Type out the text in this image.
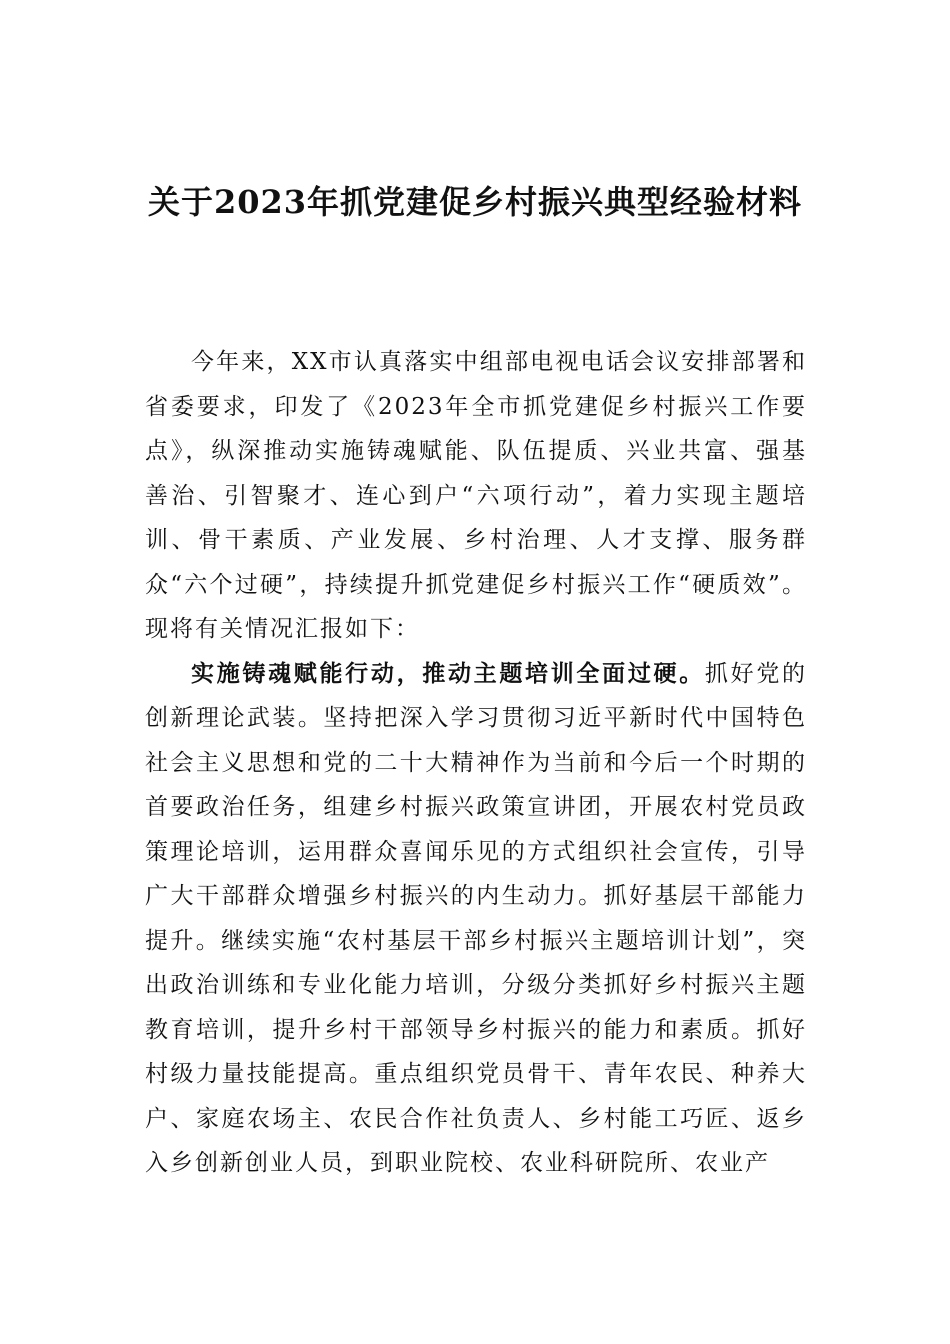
关于2023年抓党建促乡村振兴典型经验材料

今年来，XX市认真落实中组部电视电话会议安排部署和省委要求，印发了《2023年全市抓党建促乡村振兴工作要点》，纵深推动实施铸魂赋能、队伍提质、兴业共富、强基善治、引智聚才、连心到户“六项行动”，着力实现主题培训、骨干素质、产业发展、乡村治理、人才支撑、服务群众“六个过硬”，持续提升抓党建促乡村振兴工作“硬质效”。现将有关情况汇报如下：

实施铸魂赋能行动，推动主题培训全面过硬。抓好党的创新理论武装。坚持把深入学习贯彻习近平新时代中国特色社会主义思想和党的二十大精神作为当前和今后一个时期的首要政治任务，组建乡村振兴政策宣讲团，开展农村党员政策理论培训，运用群众喜闻乐见的方式组织社会宣传，引导广大干部群众增强乡村振兴的内生动力。抓好基层干部能力提升。继续实施“农村基层干部乡村振兴主题培训计划”，突出政治训练和专业化能力培训，分级分类抓好乡村振兴主题教育培训，提升乡村干部领导乡村振兴的能力和素质。抓好村级力量技能提高。重点组织党员骨干、青年农民、种养大户、家庭农场主、农民合作社负责人、乡村能工巧匠、返乡入乡创新创业人员，到职业院校、农业科研院所、农业产
